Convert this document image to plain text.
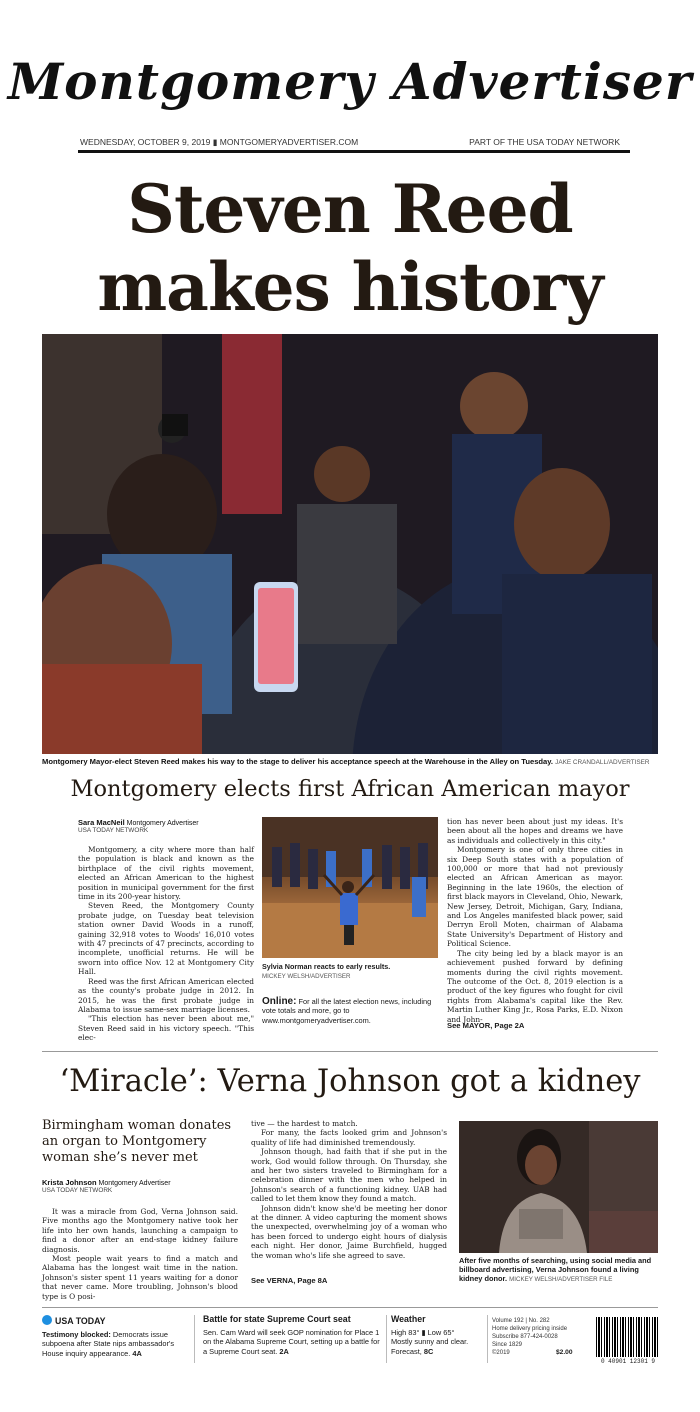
Montgomery Advertiser
WEDNESDAY, OCTOBER 9, 2019 ▮ MONTGOMERYADVERTISER.COM	PART OF THE USA TODAY NETWORK
Steven Reed
makes history
Montgomery Mayor-elect Steven Reed makes his way to the stage to deliver his acceptance speech at the Warehouse in the Alley on Tuesday. JAKE CRANDALL/ADVERTISER
Montgomery elects first African American mayor
Sara MacNeil Montgomery Advertiser
USA TODAY NETWORK

Montgomery, a city where more than half the population is black and known as the birthplace of the civil rights movement, elected an African American to the highest position in municipal government for the first time in its 200-year history.

Steven Reed, the Montgomery County probate judge, on Tuesday beat television station owner David Woods in a runoff, gaining 32,918 votes to Woods' 16,010 votes with 47 precincts of 47 precincts, according to incomplete, unofficial returns. He will be sworn into office Nov. 12 at Montgomery City Hall.

Reed was the first African American elected as the county's probate judge in 2012. In 2015, he was the first probate judge in Alabama to issue same-sex marriage licenses.

"This election has never been about me," Steven Reed said in his victory speech. "This elec-

Sylvia Norman reacts to early results.
MICKEY WELSH/ADVERTISER
Online: For all the latest election news, including vote totals and more, go to www.montgomeryadvertiser.com.

tion has never been about just my ideas. It's been about all the hopes and dreams we have as individuals and collectively in this city."

Montgomery is one of only three cities in six Deep South states with a population of 100,000 or more that had not previously elected an African American as mayor. Beginning in the late 1960s, the election of first black mayors in Cleveland, Ohio, Newark, New Jersey, Detroit, Michigan, Gary, Indiana, and Los Angeles manifested black power, said Derryn Eroll Moten, chairman of Alabama State University's Department of History and Political Science.

The city being led by a black mayor is an achievement pushed forward by defining moments during the civil rights movement. The outcome of the Oct. 8, 2019 election is a product of the key figures who fought for civil rights from Alabama's capital like the Rev. Martin Luther King Jr., Rosa Parks, E.D. Nixon and John-

See MAYOR, Page 2A
‘Miracle’: Verna Johnson got a kidney
Birmingham woman donates an organ to Montgomery woman she’s never met
Krista Johnson Montgomery Advertiser
USA TODAY NETWORK

It was a miracle from God, Verna Johnson said. Five months ago the Montgomery native took her life into her own hands, launching a campaign to find a donor after an end-stage kidney failure diagnosis.

Most people wait years to find a match and Alabama has the longest wait time in the nation. Johnson's sister spent 11 years waiting for a donor that never came. More troubling, Johnson's blood type is O posi-

tive — the hardest to match.

For many, the facts looked grim and Johnson's quality of life had diminished tremendously.

Johnson though, had faith that if she put in the work, God would follow through. On Thursday, she and her two sisters traveled to Birmingham for a celebration dinner with the men who helped in Johnson's search of a functioning kidney. UAB had called to let them know they found a match.

Johnson didn't know she'd be meeting her donor at the dinner. A video capturing the moment shows the unexpected, overwhelming joy of a woman who has been forced to undergo eight hours of dialysis each night. Her donor, Jaime Burchfield, hugged the woman who's life she agreed to save.

See VERNA, Page 8A
After five months of searching, using social media and billboard advertising, Verna Johnson found a living kidney donor. MICKEY WELSH/ADVERTISER FILE
USA TODAY
Testimony blocked: Democrats issue subpoena after State nips ambassador's House inquiry appearance. 4A
Battle for state Supreme Court seat
Sen. Cam Ward will seek GOP nomination for Place 1 on the Alabama Supreme Court, setting up a battle for a Supreme Court seat. 2A
Weather
High 83° ▮ Low 65°
Mostly sunny and clear. Forecast, 8C
Volume 192 | No. 282
Home delivery pricing inside
Subscribe 877-424-0028
Since 1829
©2019	$2.00
0 40901 12301 9
